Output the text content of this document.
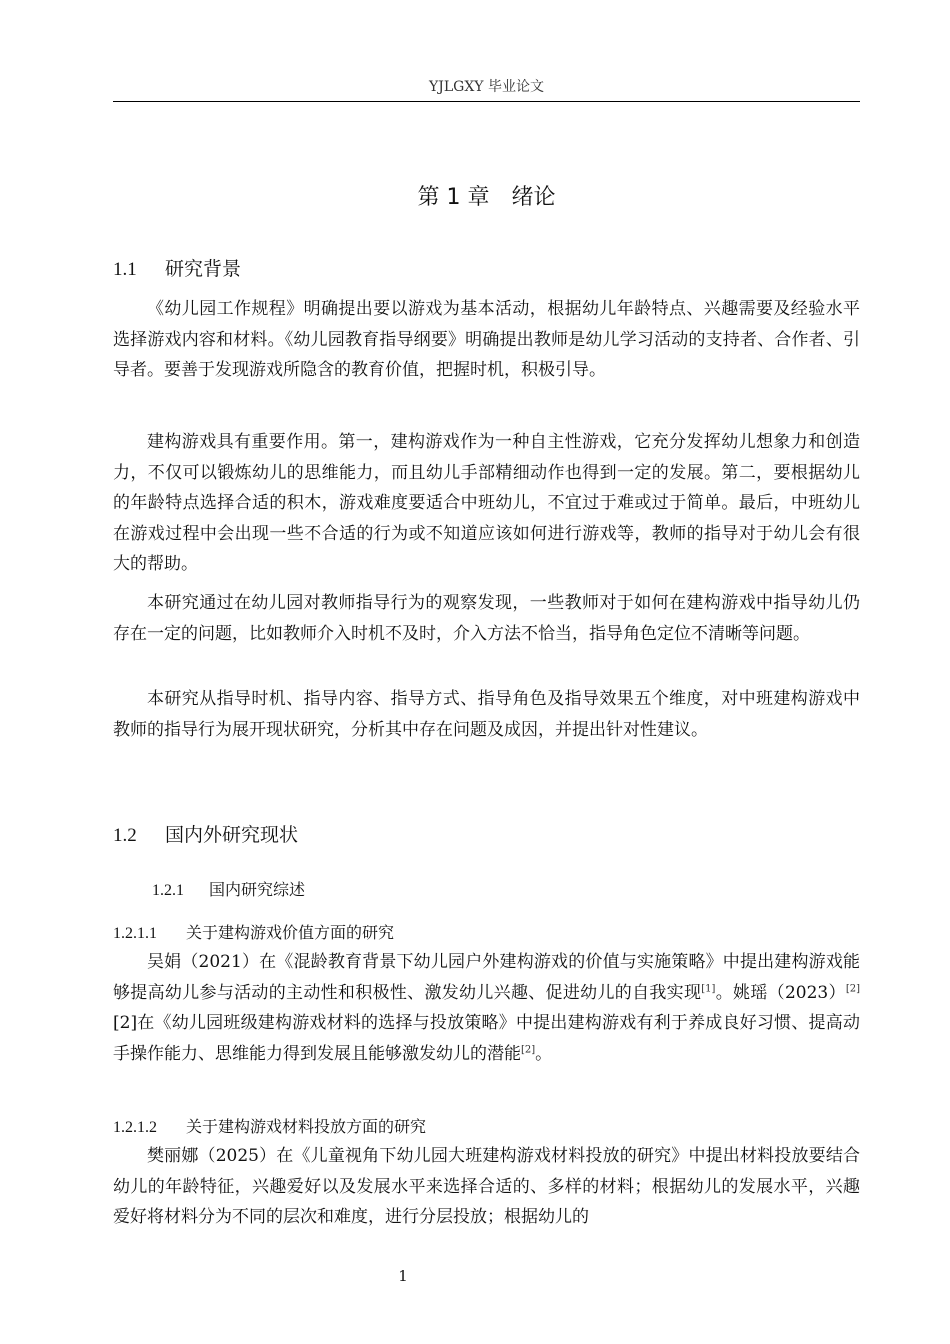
YJLGXY 毕业论文
第 1 章　绪论
1.1 研究背景

《幼儿园工作规程》明确提出要以游戏为基本活动，根据幼儿年龄特点、兴趣需要及经验水平选择游戏内容和材料。《幼儿园教育指导纲要》明确提出教师是幼儿学习活动的支持者、合作者、引导者。要善于发现游戏所隐含的教育价值，把握时机，积极引导。

建构游戏具有重要作用。第一，建构游戏作为一种自主性游戏，它充分发挥幼儿想象力和创造力，不仅可以锻炼幼儿的思维能力，而且幼儿手部精细动作也得到一定的发展。第二，要根据幼儿的年龄特点选择合适的积木，游戏难度要适合中班幼儿，不宜过于难或过于简单。最后，中班幼儿在游戏过程中会出现一些不合适的行为或不知道应该如何进行游戏等，教师的指导对于幼儿会有很大的帮助。

本研究通过在幼儿园对教师指导行为的观察发现，一些教师对于如何在建构游戏中指导幼儿仍存在一定的问题，比如教师介入时机不及时，介入方法不恰当，指导角色定位不清晰等问题。

本研究从指导时机、指导内容、指导方式、指导角色及指导效果五个维度，对中班建构游戏中教师的指导行为展开现状研究，分析其中存在问题及成因，并提出针对性建议。

1.2 国内外研究现状
1.2.1 国内研究综述
1.2.1.1 关于建构游戏价值方面的研究

吴娟（2021）在《混龄教育背景下幼儿园户外建构游戏的价值与实施策略》中提出建构游戏能够提高幼儿参与活动的主动性和积极性、激发幼儿兴趣、促进幼儿的自我实现[1]。姚瑶（2023）[2][2]在《幼儿园班级建构游戏材料的选择与投放策略》中提出建构游戏有利于养成良好习惯、提高动手操作能力、思维能力得到发展且能够激发幼儿的潜能[2]。

1.2.1.2 关于建构游戏材料投放方面的研究

樊丽娜（2025）在《儿童视角下幼儿园大班建构游戏材料投放的研究》中提出材料投放要结合幼儿的年龄特征，兴趣爱好以及发展水平来选择合适的、多样的材料；根据幼儿的发展水平，兴趣爱好将材料分为不同的层次和难度，进行分层投放；根据幼儿的

1
